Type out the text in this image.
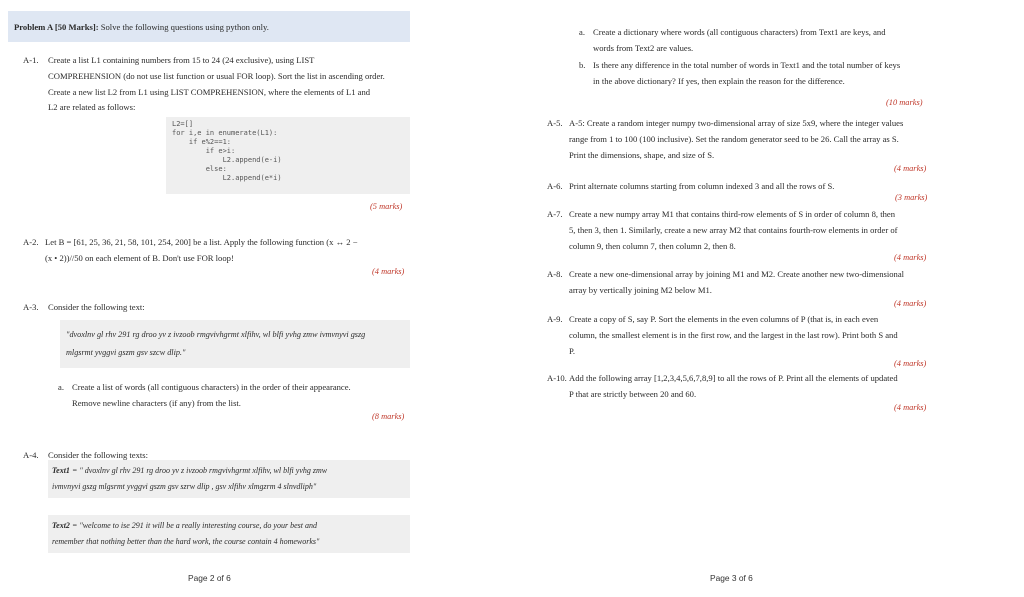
Problem A [50 Marks]: Solve the following questions using python only.
A-1. Create a list L1 containing numbers from 15 to 24 (24 exclusive), using LIST
COMPREHENSION (do not use list function or usual FOR loop). Sort the list in ascending order.
Create a new list L2 from L1 using LIST COMPREHENSION, where the elements of L1 and
L2 are related as follows:
L2=[]
for i,e in enumerate(L1):
if e%2==1:
if e>i:
L2.append(e-i)
else:
L2.append(e*i)
(5 marks)
A-2. Let B = [61, 25, 36, 21, 58, 101, 254, 200] be a list. Apply the following function (x ↔ 2 −
(x • 2))//50 on each element of B. Don't use FOR loop!
(4 marks)
A-3. Consider the following text:
"dvoxlnv gl rhv 291 rg droo yv z ivzoob rmgvivhgrmt xlfihv, wl blfi yvhg zmw ivmvnyvi gszg
mlgsrmt yvggvi gszm gsv szcw dlip."
a. Create a list of words (all contiguous characters) in the order of their appearance.
Remove newline characters (if any) from the list.
(8 marks)
A-4. Consider the following texts:
Text1 = " dvoxlnv gl rhv 291 rg droo yv z ivzoob rmgvivhgrmt xlfihv, wl blfi yvhg zmw
ivmvnyvi gszg mlgsrmt yvggvi gszm gsv szrw dlip , gsv xlfihv xlmgzrm 4 slnvdliph"
Text2 = "welcome to ise 291 it will be a really interesting course, do your best and
remember that nothing better than the hard work, the course contain 4 homeworks"
Page 2 of 6
a. Create a dictionary where words (all contiguous characters) from Text1 are keys, and
words from Text2 are values.
b. Is there any difference in the total number of words in Text1 and the total number of keys
in the above dictionary? If yes, then explain the reason for the difference.
(10 marks)
A-5. A-5: Create a random integer numpy two-dimensional array of size 5x9, where the integer values
range from 1 to 100 (100 inclusive). Set the random generator seed to be 26. Call the array as S.
Print the dimensions, shape, and size of S.
(4 marks)
A-6. Print alternate columns starting from column indexed 3 and all the rows of S.
(3 marks)
A-7. Create a new numpy array M1 that contains third-row elements of S in order of column 8, then
5, then 3, then 1. Similarly, create a new array M2 that contains fourth-row elements in order of
column 9, then column 7, then column 2, then 8.
(4 marks)
A-8. Create a new one-dimensional array by joining M1 and M2. Create another new two-dimensional
array by vertically joining M2 below M1.
(4 marks)
A-9. Create a copy of S, say P. Sort the elements in the even columns of P (that is, in each even
column, the smallest element is in the first row, and the largest in the last row). Print both S and
P.
(4 marks)
A-10. Add the following array [1,2,3,4,5,6,7,8,9] to all the rows of P. Print all the elements of updated
P that are strictly between 20 and 60.
(4 marks)
Page 3 of 6
